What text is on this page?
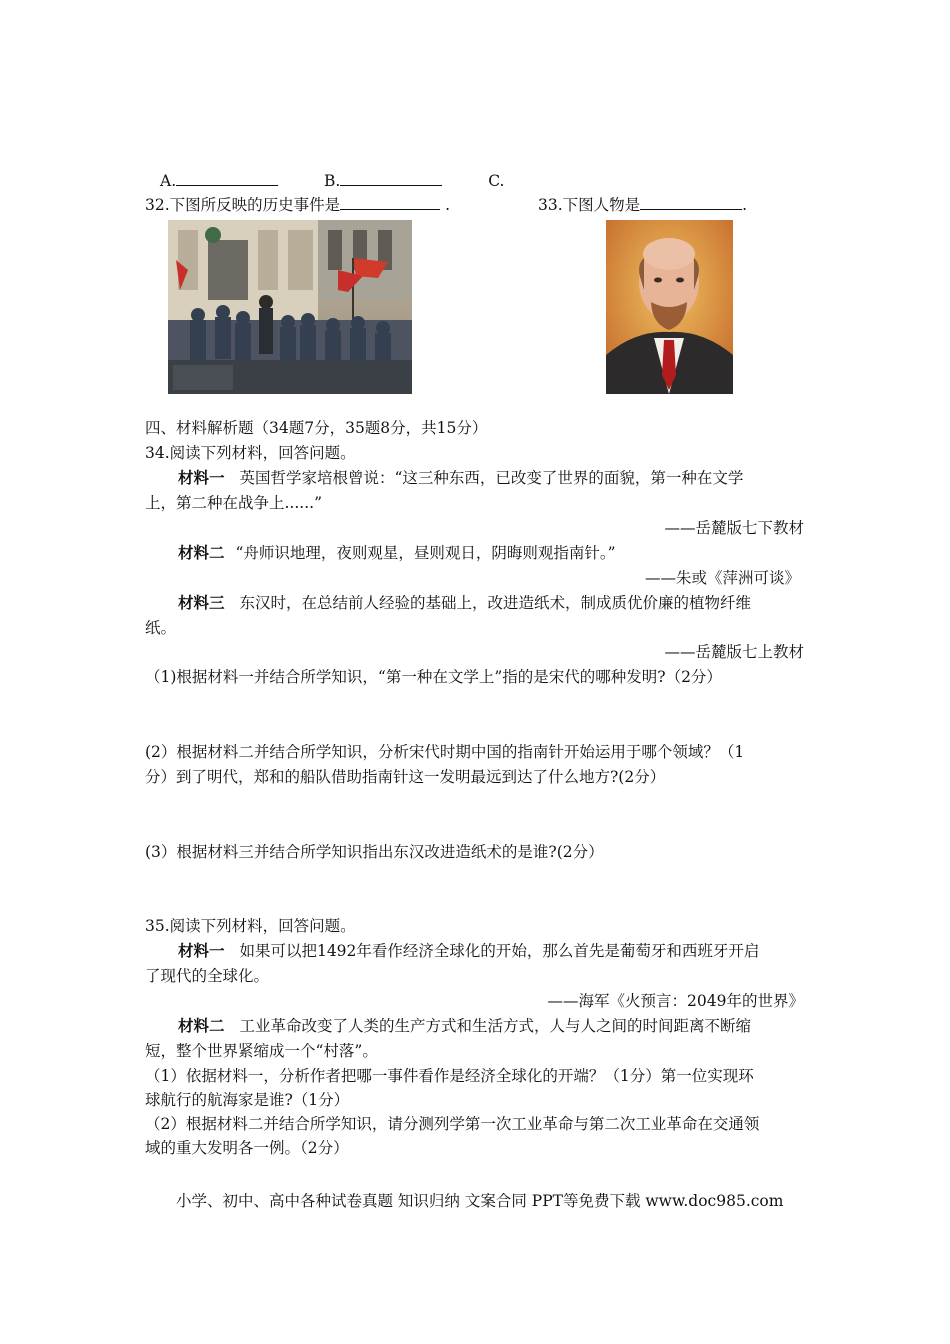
A.	B.	C.
32.下图所反映的历史事件是	.	33.下图人物是	.
四、材料解析题（34题7分，35题8分，共15分）
34.阅读下列材料，回答问题。
材料一 英国哲学家培根曾说：“这三种东西，已改变了世界的面貌，第一种在文学
上，第二种在战争上......”
——岳麓版七下教材
材料二 “舟师识地理，夜则观星，昼则观日，阴晦则观指南针。”
——朱或《萍洲可谈》
材料三 东汉时，在总结前人经验的基础上，改进造纸术，制成质优价廉的植物纤维
纸。
——岳麓版七上教材
（1)根据材料一并结合所学知识，“第一种在文学上”指的是宋代的哪种发明?（2分）
(2）根据材料二并结合所学知识，分析宋代时期中国的指南针开始运用于哪个领域？（1
分）到了明代，郑和的船队借助指南针这一发明最远到达了什么地方?(2分）
(3）根据材料三并结合所学知识指出东汉改进造纸术的是谁?(2分）
35.阅读下列材料，回答问题。
材料一 如果可以把1492年看作经济全球化的开始，那么首先是葡萄牙和西班牙开启
了现代的全球化。
——海军《火预言：2049年的世界》
材料二 工业革命改变了人类的生产方式和生活方式，人与人之间的时间距离不断缩
短，整个世界紧缩成一个“村落”。
（1）依据材料一，分析作者把哪一事件看作是经济全球化的开端？（1分）第一位实现环
球航行的航海家是谁?（1分）
（2）根据材料二并结合所学知识，请分测列学第一次工业革命与第二次工业革命在交通领
域的重大发明各一例。（2分）
小学、初中、高中各种试卷真题 知识归纳 文案合同 PPT等免费下载 www.doc985.com
